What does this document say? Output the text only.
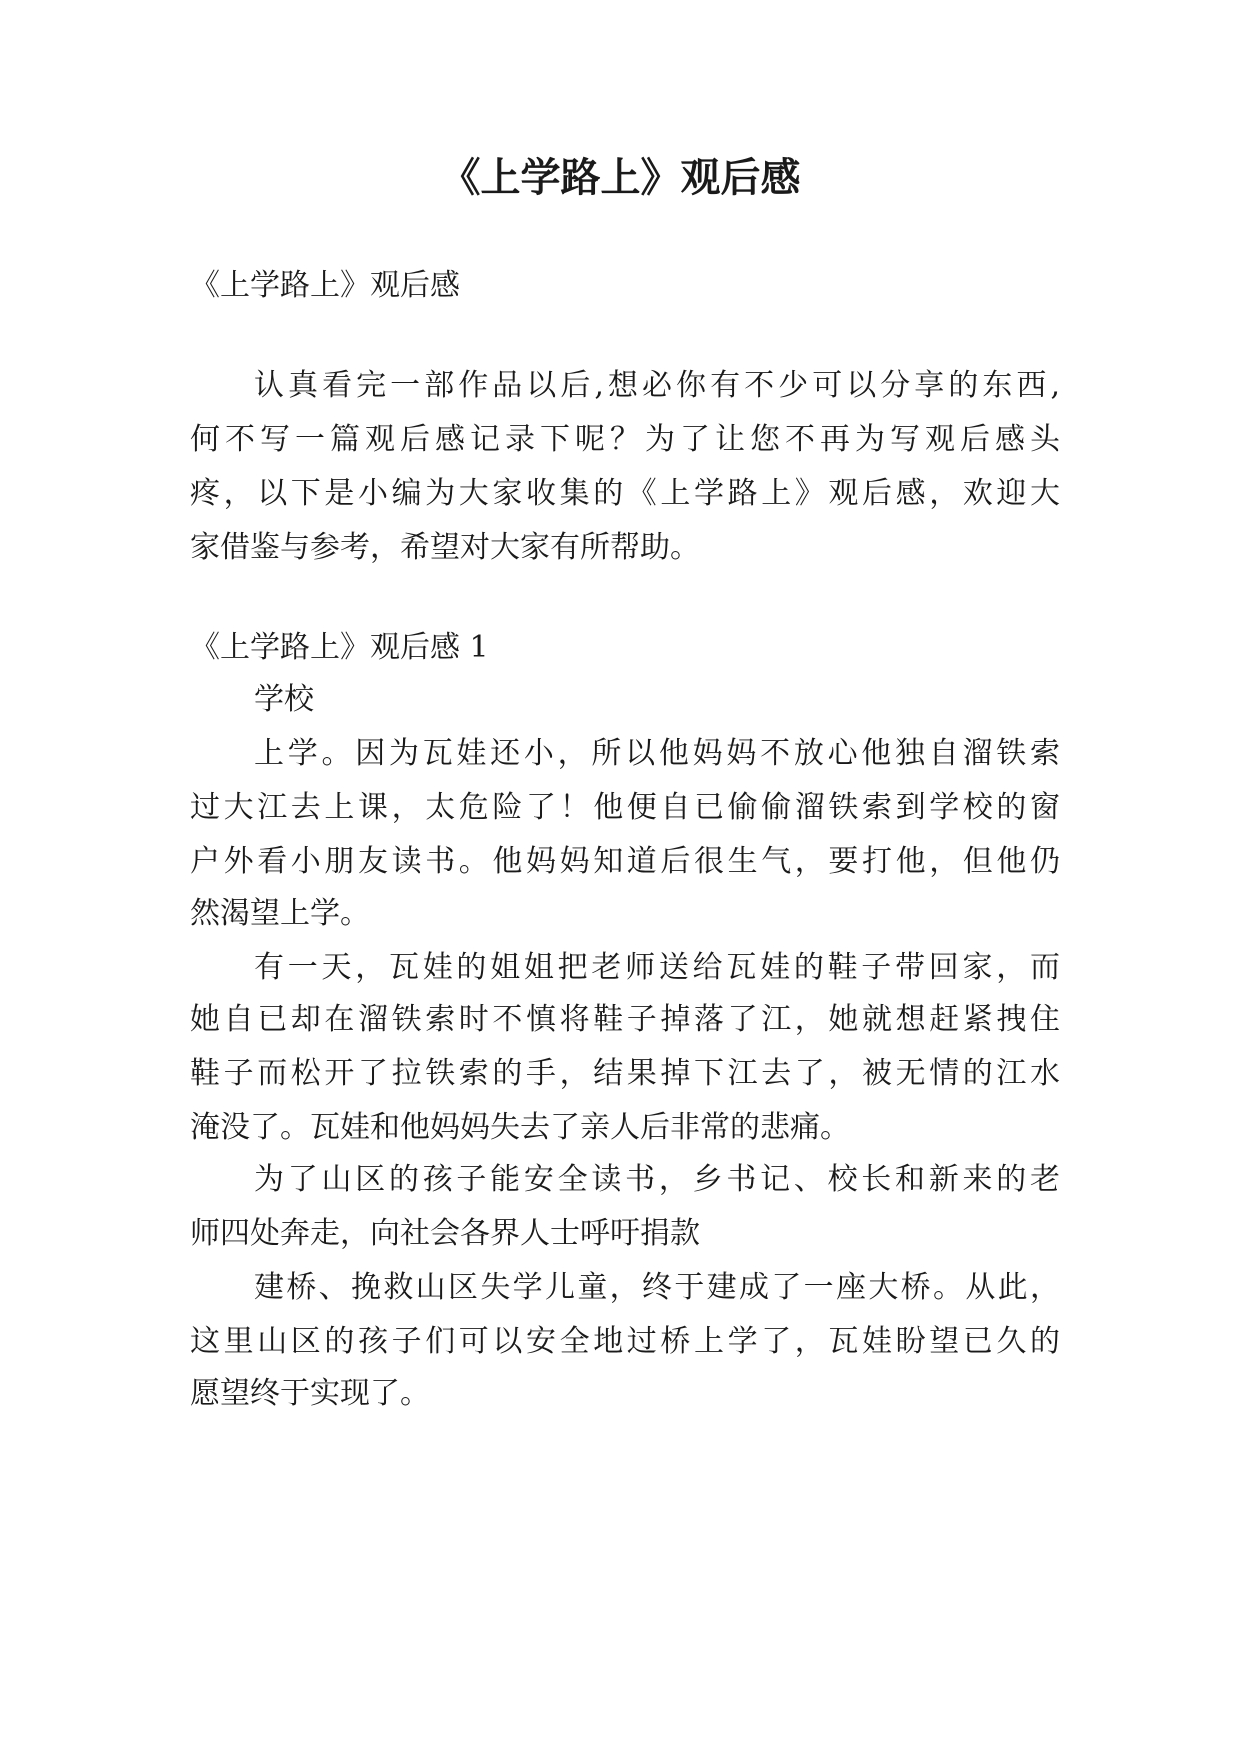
《上学路上》观后感

《上学路上》观后感

认真看完一部作品以后,想必你有不少可以分享的东西,

何不写一篇观后感记录下呢？为了让您不再为写观后感头

疼，以下是小编为大家收集的《上学路上》观后感，欢迎大

家借鉴与参考，希望对大家有所帮助。

《上学路上》观后感 1

学校

上学。因为瓦娃还小，所以他妈妈不放心他独自溜铁索

过大江去上课，太危险了！他便自已偷偷溜铁索到学校的窗

户外看小朋友读书。他妈妈知道后很生气，要打他，但他仍

然渴望上学。

有一天，瓦娃的姐姐把老师送给瓦娃的鞋子带回家，而

她自已却在溜铁索时不慎将鞋子掉落了江，她就想赶紧拽住

鞋子而松开了拉铁索的手，结果掉下江去了，被无情的江水

淹没了。瓦娃和他妈妈失去了亲人后非常的悲痛。

为了山区的孩子能安全读书，乡书记、校长和新来的老

师四处奔走，向社会各界人士呼吁捐款

建桥、挽救山区失学儿童，终于建成了一座大桥。从此，

这里山区的孩子们可以安全地过桥上学了，瓦娃盼望已久的

愿望终于实现了。
